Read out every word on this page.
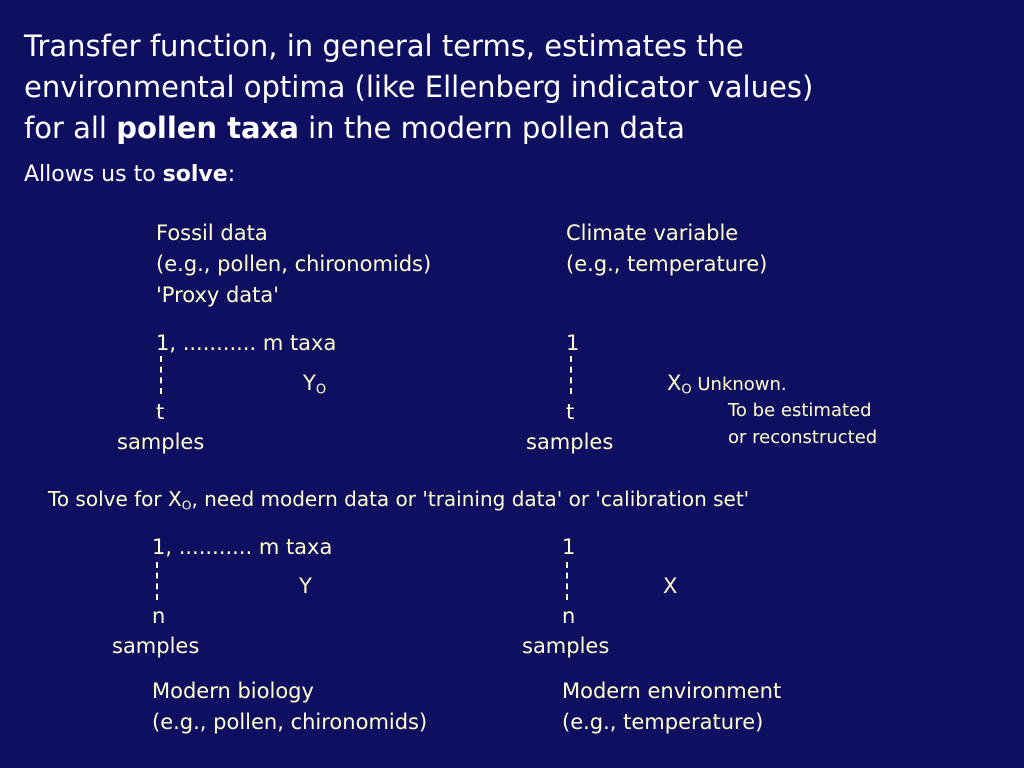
Transfer function, in general terms, estimates the
environmental optima (like Ellenberg indicator values)
for all pollen taxa in the modern pollen data
Allows us to solve:
Fossil data
(e.g., pollen, chironomids)
'Proxy data'
1, ........... m taxa
$Y_O$
t
samples
Climate variable
(e.g., temperature)
1
$X_O$ Unknown.
To be estimated
or reconstructed
t
samples
To solve for $X_O$, need modern data or 'training data' or 'calibration set'
1, ........... m taxa
Y
n
samples
Modern biology
(e.g., pollen, chironomids)
1
X
n
samples
Modern environment
(e.g., temperature)
